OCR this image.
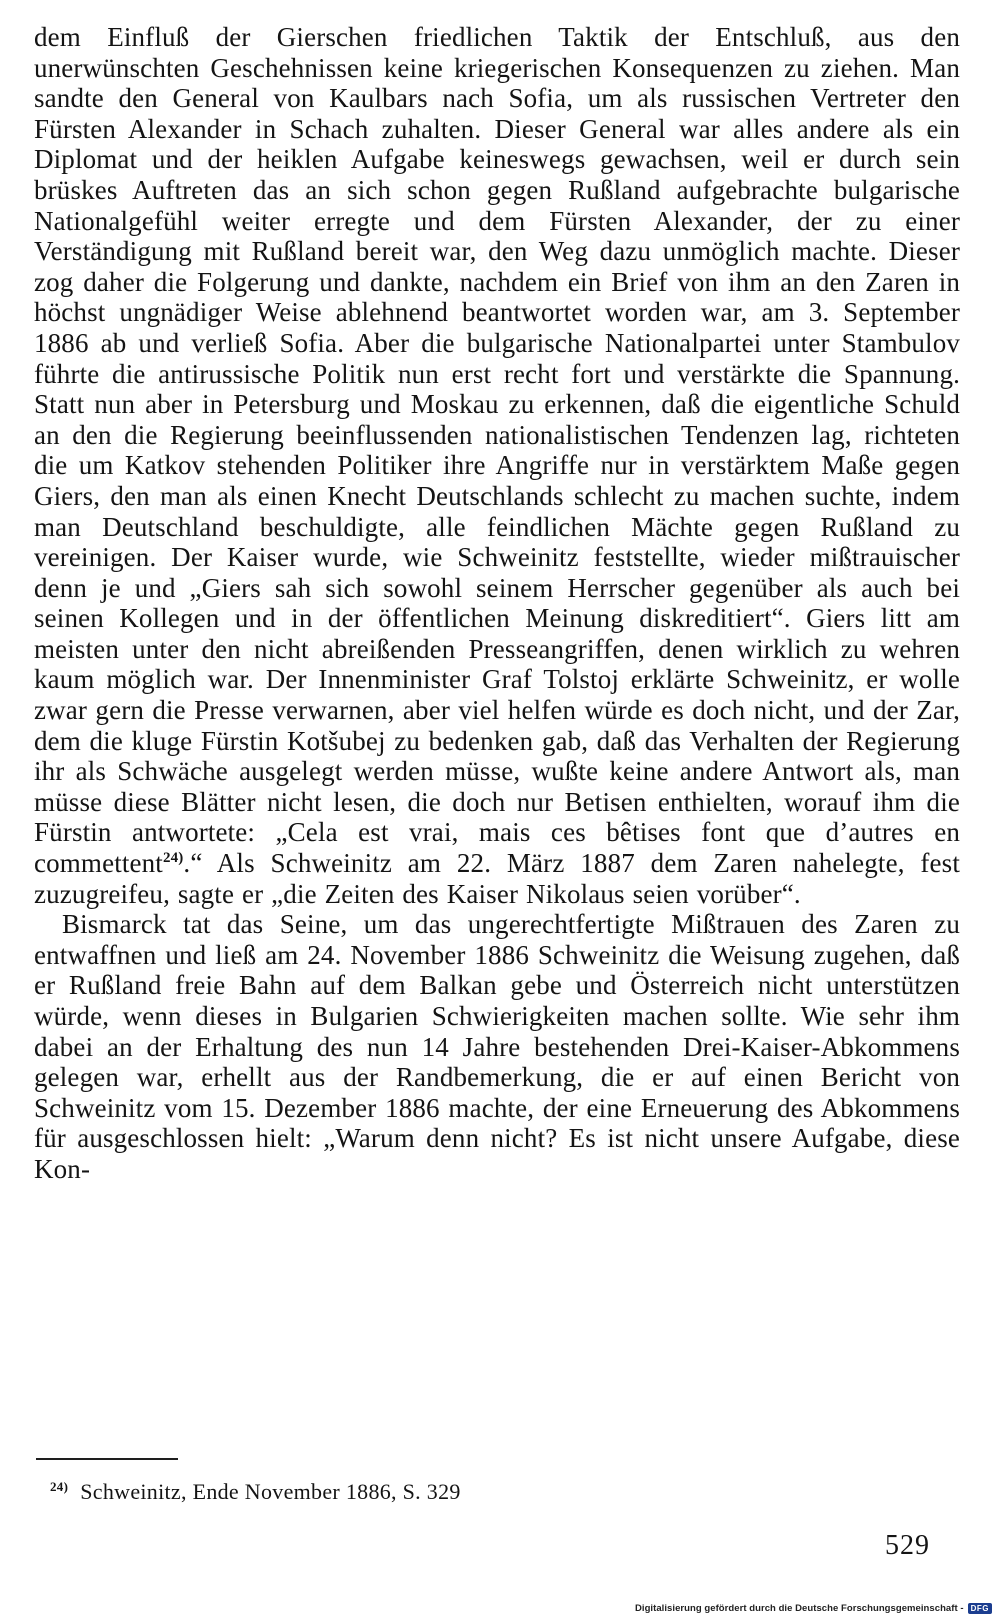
dem Einfluß der Gierschen friedlichen Taktik der Entschluß, aus den unerwünschten Geschehnissen keine kriegerischen Konsequenzen zu ziehen. Man sandte den General von Kaulbars nach Sofia, um als russischen Vertreter den Fürsten Alexander in Schach zuhalten. Dieser General war alles andere als ein Diplomat und der heiklen Aufgabe keineswegs gewachsen, weil er durch sein brüskes Auftreten das an sich schon gegen Rußland aufgebrachte bulgarische Nationalgefühl weiter erregte und dem Fürsten Alexander, der zu einer Verständigung mit Rußland bereit war, den Weg dazu unmöglich machte. Dieser zog daher die Folgerung und dankte, nachdem ein Brief von ihm an den Zaren in höchst ungnädiger Weise ablehnend beantwortet worden war, am 3. September 1886 ab und verließ Sofia. Aber die bulgarische Nationalpartei unter Stambulov führte die antirussische Politik nun erst recht fort und verstärkte die Spannung. Statt nun aber in Petersburg und Moskau zu erkennen, daß die eigentliche Schuld an den die Regierung beeinflussenden nationalistischen Tendenzen lag, richteten die um Katkov stehenden Politiker ihre Angriffe nur in verstärktem Maße gegen Giers, den man als einen Knecht Deutschlands schlecht zu machen suchte, indem man Deutschland beschuldigte, alle feindlichen Mächte gegen Rußland zu vereinigen. Der Kaiser wurde, wie Schweinitz feststellte, wieder mißtrauischer denn je und „Giers sah sich sowohl seinem Herrscher gegenüber als auch bei seinen Kollegen und in der öffentlichen Meinung diskreditiert“. Giers litt am meisten unter den nicht abreißenden Presseangriffen, denen wirklich zu wehren kaum möglich war. Der Innenminister Graf Tolstoj erklärte Schweinitz, er wolle zwar gern die Presse verwarnen, aber viel helfen würde es doch nicht, und der Zar, dem die kluge Fürstin Kotšubej zu bedenken gab, daß das Verhalten der Regierung ihr als Schwäche ausgelegt werden müsse, wußte keine andere Antwort als, man müsse diese Blätter nicht lesen, die doch nur Betisen enthielten, worauf ihm die Fürstin antwortete: „Cela est vrai, mais ces bêtises font que d’autres en commettent$^{24)}$.“ Als Schweinitz am 22. März 1887 dem Zaren nahelegte, fest zuzugreifeu, sagte er „die Zeiten des Kaiser Nikolaus seien vorüber“.

Bismarck tat das Seine, um das ungerechtfertigte Mißtrauen des Zaren zu entwaffnen und ließ am 24. November 1886 Schweinitz die Weisung zugehen, daß er Rußland freie Bahn auf dem Balkan gebe und Österreich nicht unterstützen würde, wenn dieses in Bulgarien Schwierigkeiten machen sollte. Wie sehr ihm dabei an der Erhaltung des nun 14 Jahre bestehenden Drei-Kaiser-Abkommens gelegen war, erhellt aus der Randbemerkung, die er auf einen Bericht von Schweinitz vom 15. Dezember 1886 machte, der eine Erneuerung des Abkommens für ausgeschlossen hielt: „Warum denn nicht? Es ist nicht unsere Aufgabe, diese Kon-

$^{24)}$ Schweinitz, Ende November 1886, S. 329
529
Digitalisierung gefördert durch die Deutsche Forschungsgemeinschaft - DFG
